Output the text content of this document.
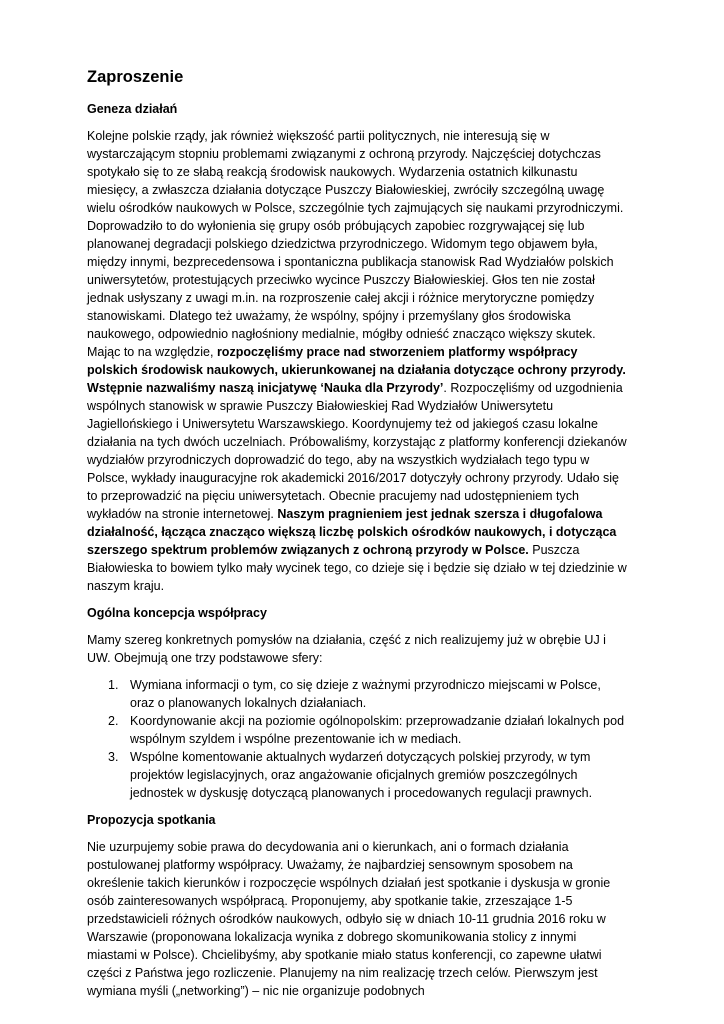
Zaproszenie
Geneza działań

Kolejne polskie rządy, jak również większość partii politycznych, nie interesują się w wystarczającym stopniu problemami związanymi z ochroną przyrody. Najczęściej dotychczas spotykało się to ze słabą reakcją środowisk naukowych. Wydarzenia ostatnich kilkunastu miesięcy, a zwłaszcza działania dotyczące Puszczy Białowieskiej, zwróciły szczególną uwagę wielu ośrodków naukowych w Polsce, szczególnie tych zajmujących się naukami przyrodniczymi. Doprowadziło to do wyłonienia się grupy osób próbujących zapobiec rozgrywającej się lub planowanej degradacji polskiego dziedzictwa przyrodniczego. Widomym tego objawem była, między innymi, bezprecedensowa i spontaniczna publikacja stanowisk Rad Wydziałów polskich uniwersytetów, protestujących przeciwko wycince Puszczy Białowieskiej. Głos ten nie został jednak usłyszany z uwagi m.in. na rozproszenie całej akcji i różnice merytoryczne pomiędzy stanowiskami. Dlatego też uważamy, że wspólny, spójny i przemyślany głos środowiska naukowego, odpowiednio nagłośniony medialnie, mógłby odnieść znacząco większy skutek. Mając to na względzie, rozpoczęliśmy prace nad stworzeniem platformy współpracy polskich środowisk naukowych, ukierunkowanej na działania dotyczące ochrony przyrody. Wstępnie nazwaliśmy naszą inicjatywę ‘Nauka dla Przyrody’. Rozpoczęliśmy od uzgodnienia wspólnych stanowisk w sprawie Puszczy Białowieskiej Rad Wydziałów Uniwersytetu Jagiellońskiego i Uniwersytetu Warszawskiego. Koordynujemy też od jakiegoś czasu lokalne działania na tych dwóch uczelniach. Próbowaliśmy, korzystając z platformy konferencji dziekanów wydziałów przyrodniczych doprowadzić do tego, aby na wszystkich wydziałach tego typu w Polsce, wykłady inauguracyjne rok akademicki 2016/2017 dotyczyły ochrony przyrody. Udało się to przeprowadzić na pięciu uniwersytetach. Obecnie pracujemy nad udostępnieniem tych wykładów na stronie internetowej. Naszym pragnieniem jest jednak szersza i długofalowa działalność, łącząca znacząco większą liczbę polskich ośrodków naukowych, i dotycząca szerszego spektrum problemów związanych z ochroną przyrody w Polsce. Puszcza Białowieska to bowiem tylko mały wycinek tego, co dzieje się i będzie się działo w tej dziedzinie w naszym kraju.

Ogólna koncepcja współpracy

Mamy szereg konkretnych pomysłów na działania, część z nich realizujemy już w obrębie UJ i UW. Obejmują one trzy podstawowe sfery:

1. Wymiana informacji o tym, co się dzieje z ważnymi przyrodniczo miejscami w Polsce, oraz o planowanych lokalnych działaniach.
2. Koordynowanie akcji na poziomie ogólnopolskim: przeprowadzanie działań lokalnych pod wspólnym szyldem i wspólne prezentowanie ich w mediach.
3. Wspólne komentowanie aktualnych wydarzeń dotyczących polskiej przyrody, w tym projektów legislacyjnych, oraz angażowanie oficjalnych gremiów poszczególnych jednostek w dyskusję dotyczącą planowanych i procedowanych regulacji prawnych.
Propozycja spotkania

Nie uzurpujemy sobie prawa do decydowania ani o kierunkach, ani o formach działania postulowanej platformy współpracy. Uważamy, że najbardziej sensownym sposobem na określenie takich kierunków i rozpoczęcie wspólnych działań jest spotkanie i dyskusja w gronie osób zainteresowanych współpracą. Proponujemy, aby spotkanie takie, zrzeszające 1-5 przedstawicieli różnych ośrodków naukowych, odbyło się w dniach 10-11 grudnia 2016 roku w Warszawie (proponowana lokalizacja wynika z dobrego skomunikowania stolicy z innymi miastami w Polsce). Chcielibyśmy, aby spotkanie miało status konferencji, co zapewne ułatwi części z Państwa jego rozliczenie. Planujemy na nim realizację trzech celów. Pierwszym jest wymiana myśli („networking”) – nic nie organizuje podobnych
